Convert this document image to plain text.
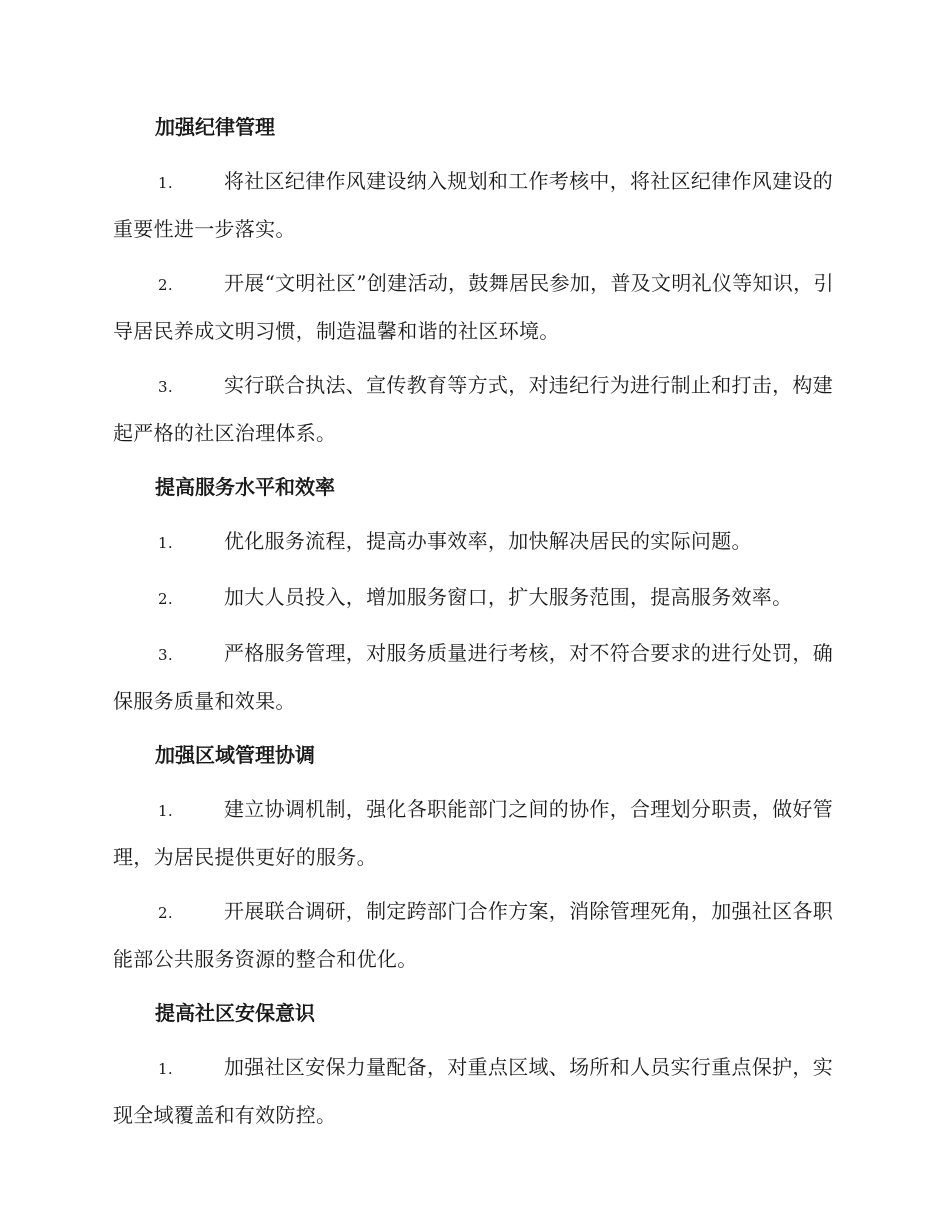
加强纪律管理
1.	将社区纪律作风建设纳入规划和工作考核中，将社区纪律作风建设的重要性进一步落实。
2.	开展“文明社区”创建活动，鼓舞居民参加，普及文明礼仪等知识，引导居民养成文明习惯，制造温馨和谐的社区环境。
3.	实行联合执法、宣传教育等方式，对违纪行为进行制止和打击，构建起严格的社区治理体系。
提高服务水平和效率
1.	优化服务流程，提高办事效率，加快解决居民的实际问题。
2.	加大人员投入，增加服务窗口，扩大服务范围，提高服务效率。
3.	严格服务管理，对服务质量进行考核，对不符合要求的进行处罚，确保服务质量和效果。
加强区域管理协调
1.	建立协调机制，强化各职能部门之间的协作，合理划分职责，做好管理，为居民提供更好的服务。
2.	开展联合调研，制定跨部门合作方案，消除管理死角，加强社区各职能部公共服务资源的整合和优化。
提高社区安保意识
1.	加强社区安保力量配备，对重点区域、场所和人员实行重点保护，实现全域覆盖和有效防控。
